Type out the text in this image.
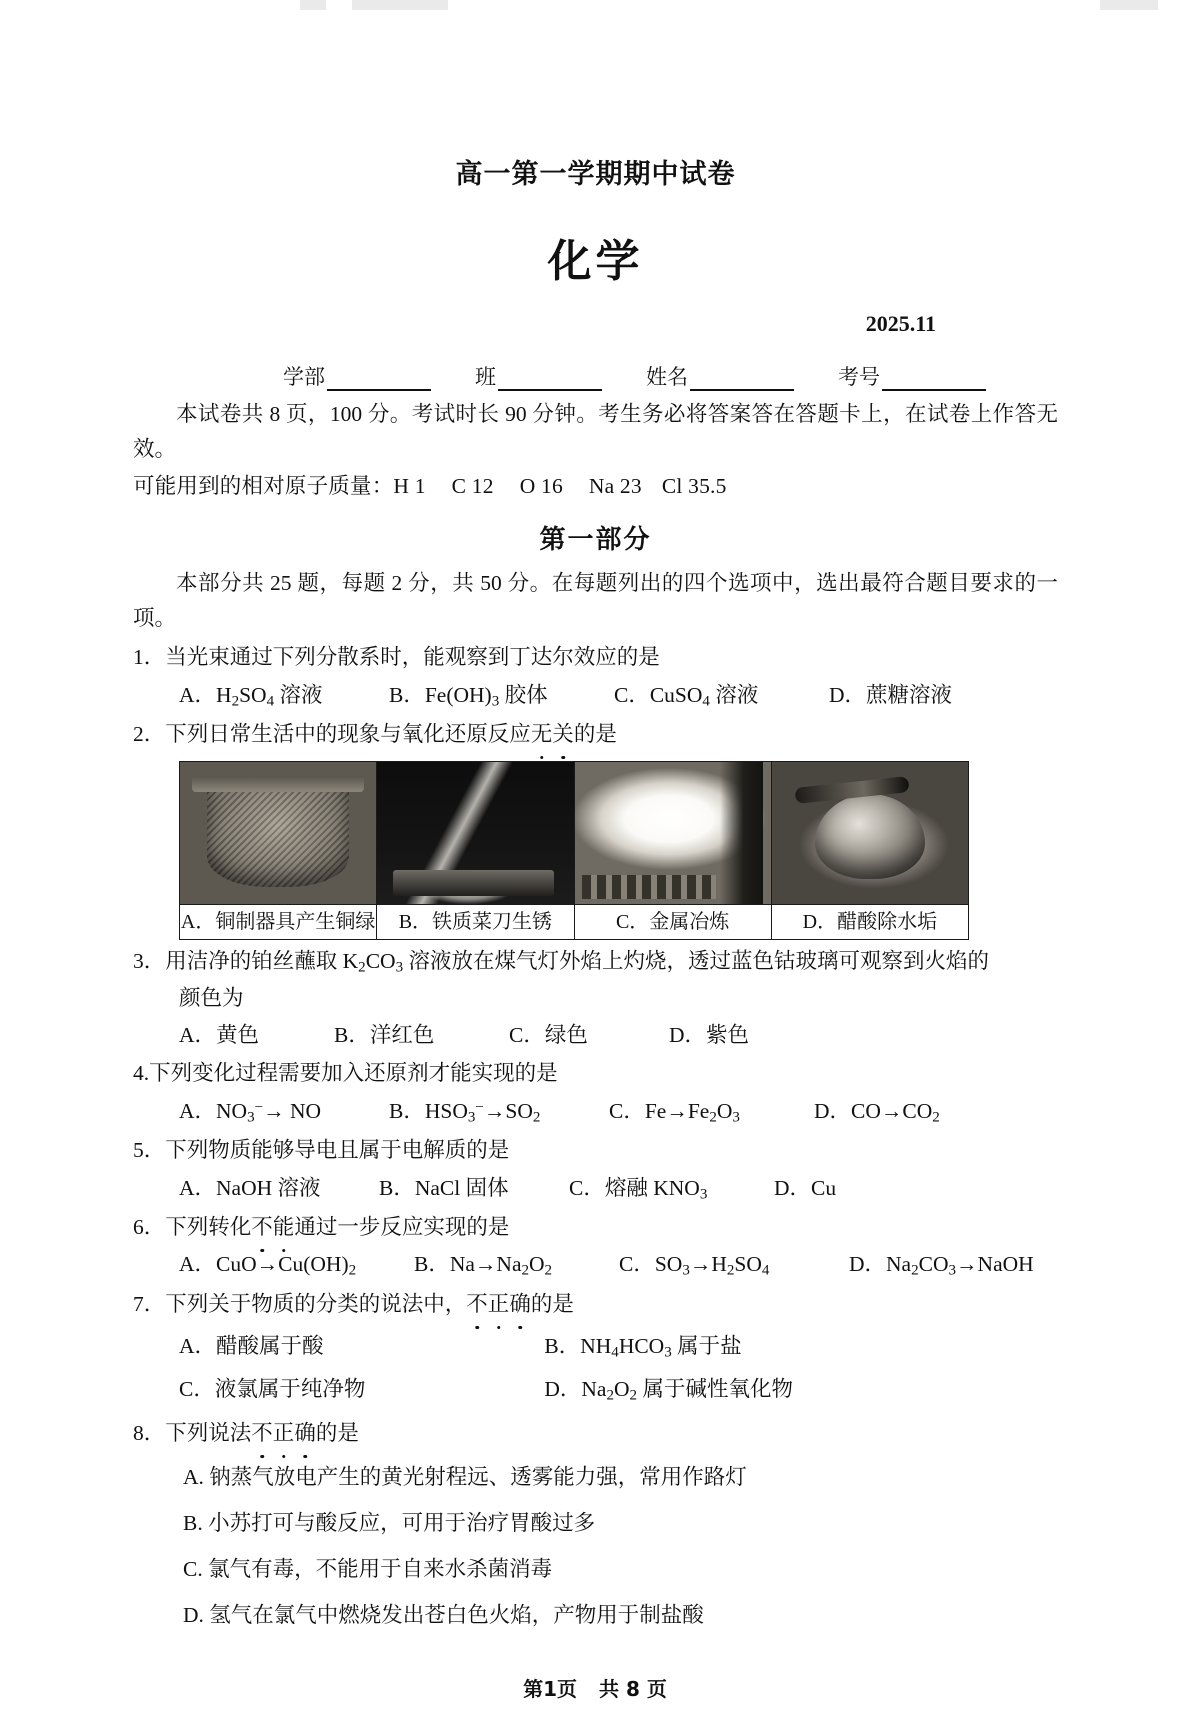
高一第一学期期中试卷
化学
2025.11
学部	班	姓名	考号
本试卷共 8 页，100 分。考试时长 90 分钟。考生务必将答案答在答题卡上，在试卷上作答无效。
可能用到的相对原子质量：H 1 C 12 O 16 Na 23 Cl 35.5
第一部分
本部分共 25 题，每题 2 分，共 50 分。在每题列出的四个选项中，选出最符合题目要求的一项。
1．当光束通过下列分散系时，能观察到丁达尔效应的是
A．$H_2SO_4$ 溶液	B．$Fe(OH)_3$ 胶体	C．CuSO$_4$ 溶液	D．蔗糖溶液
2．下列日常生活中的现象与氧化还原反应无关的是

A．铜制器具产生铜绿	B．铁质菜刀生锈	C．金属冶炼	D．醋酸除水垢
3．用洁净的铂丝蘸取 $K_2CO_3$ 溶液放在煤气灯外焰上灼烧，透过蓝色钴玻璃可观察到火焰的
颜色为
A．黄色	B．洋红色	C．绿色	D．紫色
4.下列变化过程需要加入还原剂才能实现的是
A．$NO_3^-\to$ NO	B．$HSO_3^-\to SO_2$	C．$Fe\to Fe_2O_3$	D．$CO\to CO_2$
5．下列物质能够导电且属于电解质的是
A．NaOH 溶液	B．NaCl 固体	C．熔融 $KNO_3$	D．Cu
6．下列转化不能通过一步反应实现的是
A．$CuO\to Cu(OH)_2$	B．$Na\to Na_2O_2$	C．$SO_3\to H_2SO_4$	D．$Na_2CO_3\to NaOH$
7．下列关于物质的分类的说法中，不正确的是
A．醋酸属于酸	B．$NH_4HCO_3$ 属于盐
C．液氯属于纯净物	D．$Na_2O_2$ 属于碱性氧化物
8．下列说法不正确的是
A. 钠蒸气放电产生的黄光射程远、透雾能力强，常用作路灯
B. 小苏打可与酸反应，可用于治疗胃酸过多
C. 氯气有毒，不能用于自来水杀菌消毒
D. 氢气在氯气中燃烧发出苍白色火焰，产物用于制盐酸
第1页 共 8 页
